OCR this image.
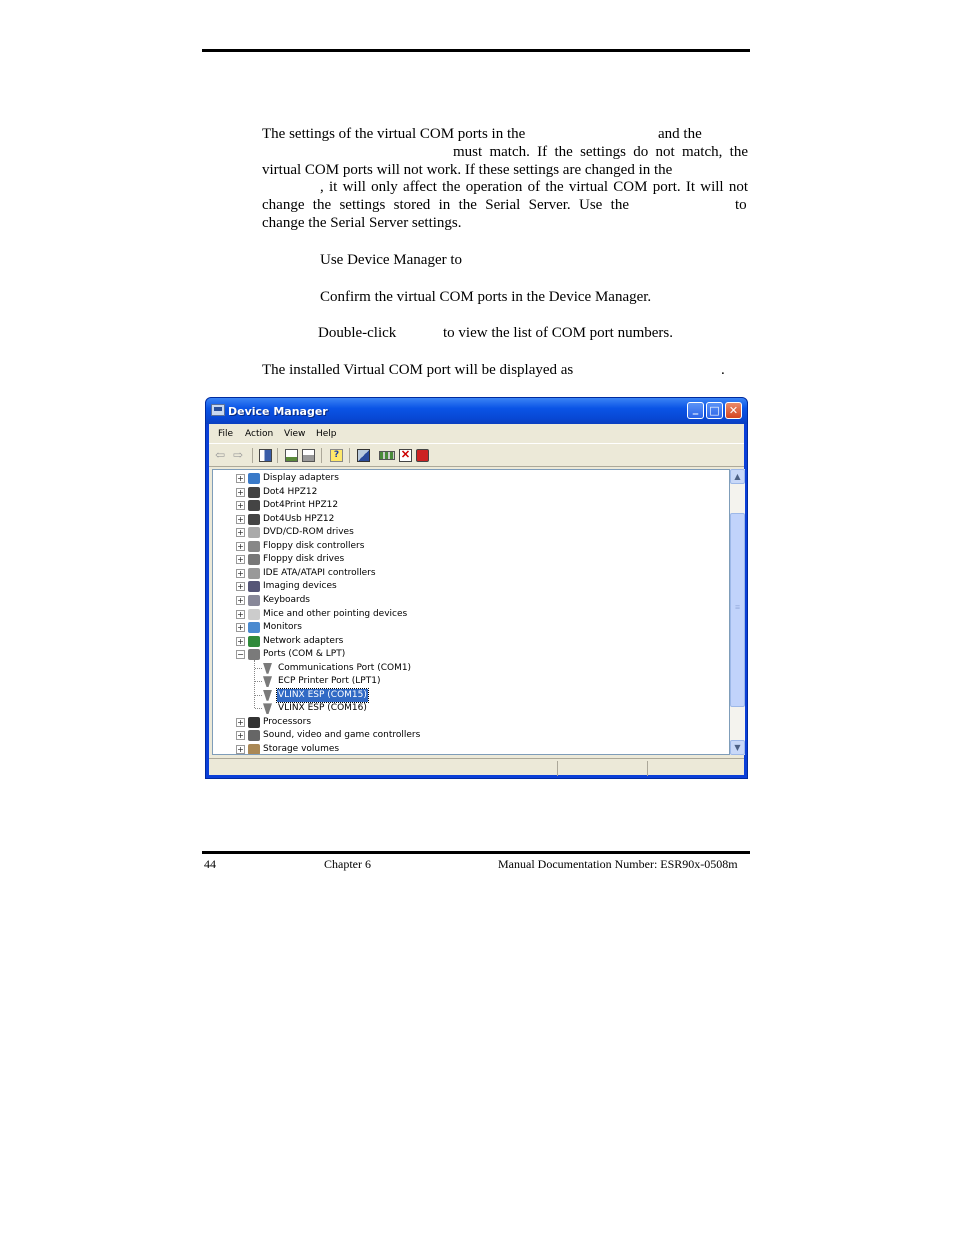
The settings of the virtual COM ports in the	and the
must match. If the settings do not match, the
virtual COM ports will not work. If these settings are changed in the
, it will only affect the operation of the virtual COM port. It will not
change the settings stored in the Serial Server. Use the	to
change the Serial Server settings.
Use Device Manager to
Confirm the virtual COM ports in the Device Manager.
Double-click	to view the list of COM port numbers.
The installed Virtual COM port will be displayed as	.
Device Manager	_	□ ✕
File Action View Help
⇦ ⇨	?	✕
+ Display adapters
+ Dot4 HPZ12
+ Dot4Print HPZ12
+ Dot4Usb HPZ12
+ DVD/CD-ROM drives
+ Floppy disk controllers
+ Floppy disk drives
+ IDE ATA/ATAPI controllers
+ Imaging devices
+ Keyboards
+ Mice and other pointing devices
+ Monitors
+ Network adapters
− Ports (COM & LPT)
Communications Port (COM1)
ECP Printer Port (LPT1)
VLINX ESP (COM15)
VLINX ESP (COM16)
+ Processors
+ Sound, video and game controllers
+ Storage volumes
▲
≡
▼
44	Chapter 6	Manual Documentation Number: ESR90x-0508m
